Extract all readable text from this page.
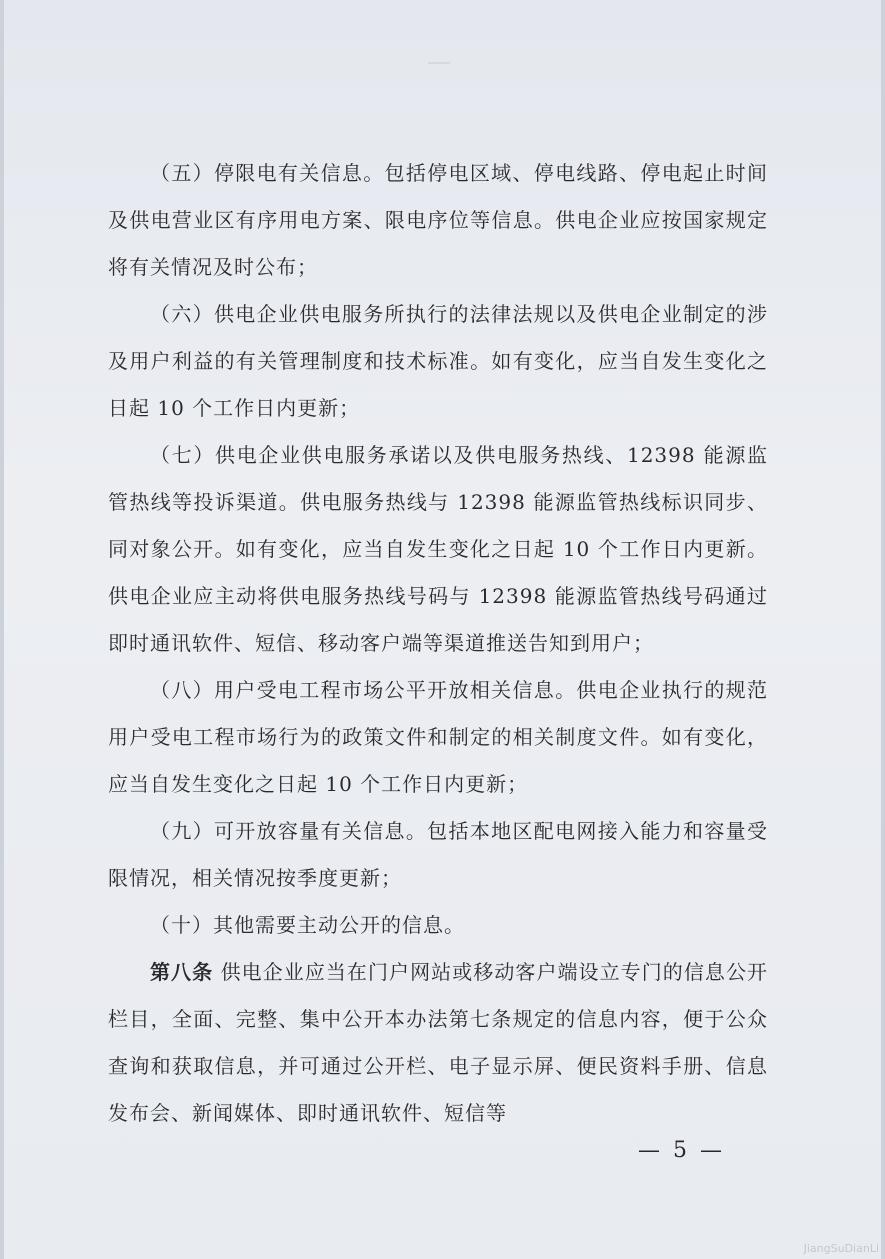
（五）停限电有关信息。包括停电区域、停电线路、停电起止时间及供电营业区有序用电方案、限电序位等信息。供电企业应按国家规定将有关情况及时公布；

（六）供电企业供电服务所执行的法律法规以及供电企业制定的涉及用户利益的有关管理制度和技术标准。如有变化，应当自发生变化之日起 10 个工作日内更新；

（七）供电企业供电服务承诺以及供电服务热线、12398 能源监管热线等投诉渠道。供电服务热线与 12398 能源监管热线标识同步、同对象公开。如有变化，应当自发生变化之日起 10 个工作日内更新。供电企业应主动将供电服务热线号码与 12398 能源监管热线号码通过即时通讯软件、短信、移动客户端等渠道推送告知到用户；

（八）用户受电工程市场公平开放相关信息。供电企业执行的规范用户受电工程市场行为的政策文件和制定的相关制度文件。如有变化，应当自发生变化之日起 10 个工作日内更新；

（九）可开放容量有关信息。包括本地区配电网接入能力和容量受限情况，相关情况按季度更新；

（十）其他需要主动公开的信息。

第八条 供电企业应当在门户网站或移动客户端设立专门的信息公开栏目，全面、完整、集中公开本办法第七条规定的信息内容，便于公众查询和获取信息，并可通过公开栏、电子显示屏、便民资料手册、信息发布会、新闻媒体、即时通讯软件、短信等

— 5 —
JiangSuDianLi
